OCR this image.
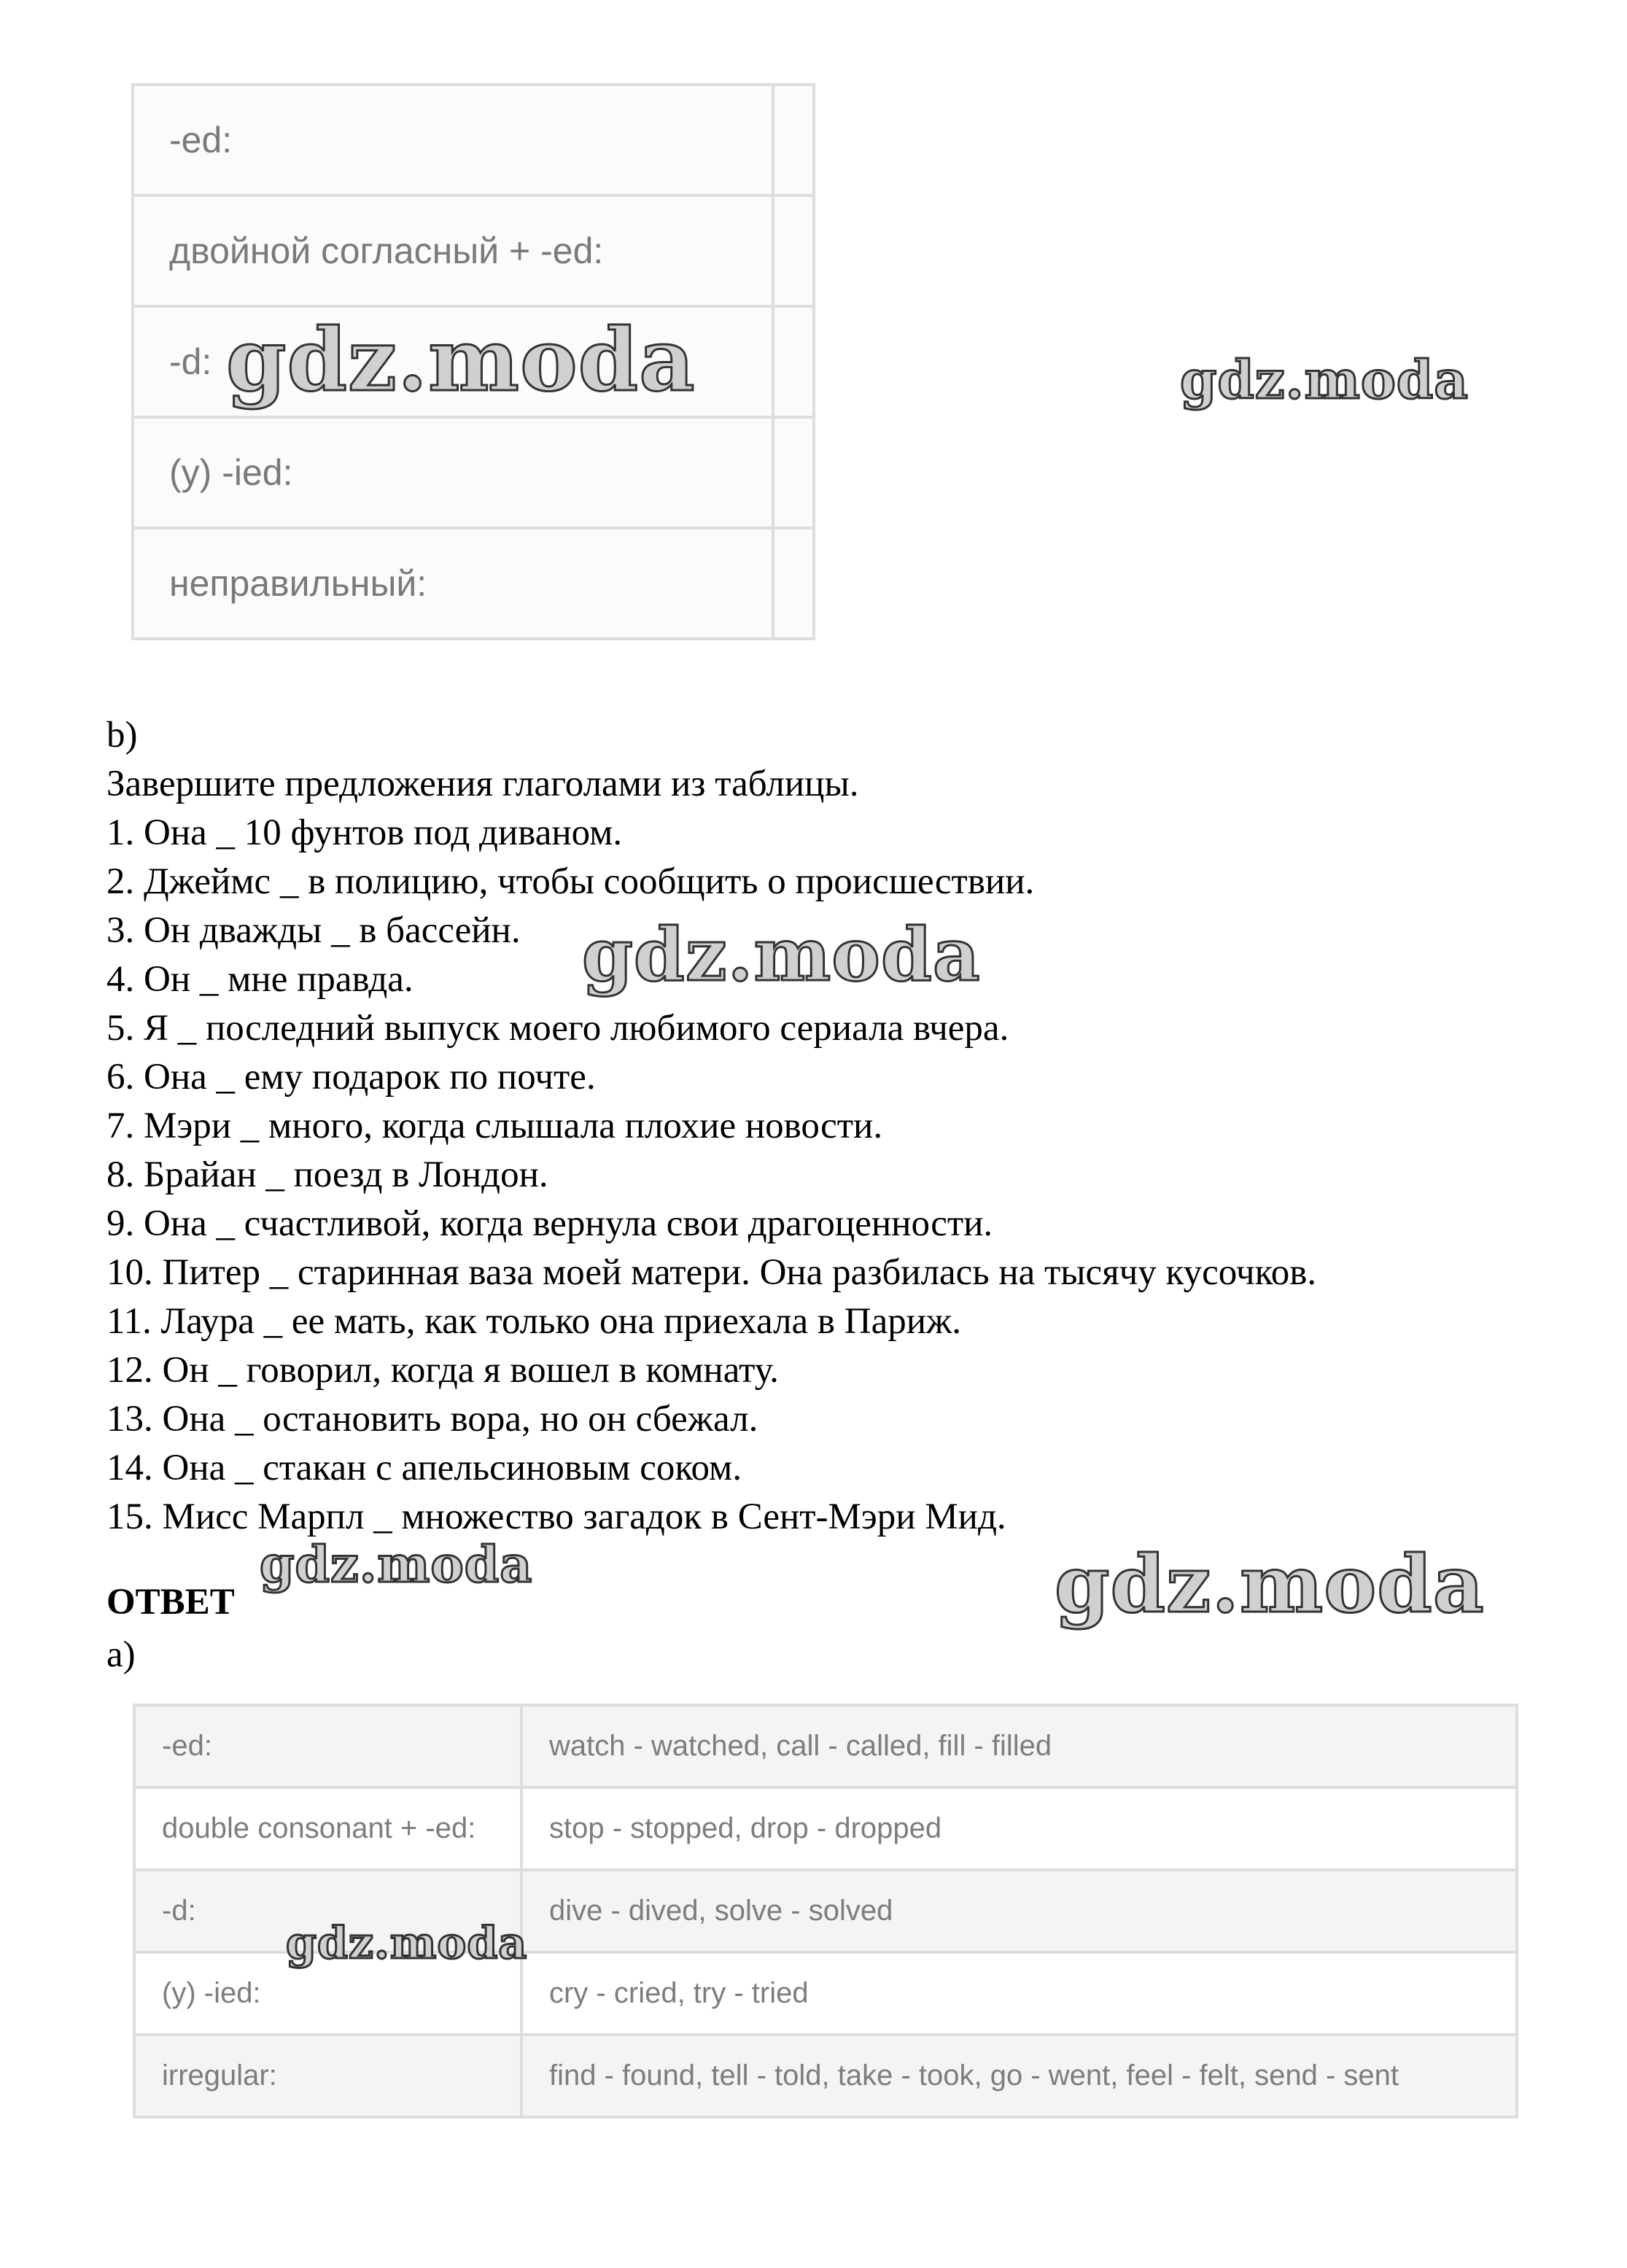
-ed:	
двойной согласный + -ed:	
-d:	
(y) -ied:	
неправильный:	
b)
Завершите предложения глаголами из таблицы.
1. Она _ 10 фунтов под диваном.
2. Джеймс _ в полицию, чтобы сообщить о происшествии.
3. Он дважды _ в бассейн.
4. Он _ мне правда.
5. Я _ последний выпуск моего любимого сериала вчера.
6. Она _ ему подарок по почте.
7. Мэри _ много, когда слышала плохие новости.
8. Брайан _ поезд в Лондон.
9. Она _ счастливой, когда вернула свои драгоценности.
10. Питер _ старинная ваза моей матери. Она разбилась на тысячу кусочков.
11. Лаура _ ее мать, как только она приехала в Париж.
12. Он _ говорил, когда я вошел в комнату.
13. Она _ остановить вора, но он сбежал.
14. Она _ стакан с апельсиновым соком.
15. Мисс Марпл _ множество загадок в Сент-Мэри Мид.
ОТВЕТ
a)
-ed:	watch - watched, call - called, fill - filled
double consonant + -ed:	stop - stopped, drop - dropped
-d:	dive - dived, solve - solved
(y) -ied:	cry - cried, try - tried
irregular:	find - found, tell - told, take - took, go - went, feel - felt, send - sent
gdz.moda	gdz.moda
gdz.moda
gdz.moda	gdz.moda
gdz.moda
